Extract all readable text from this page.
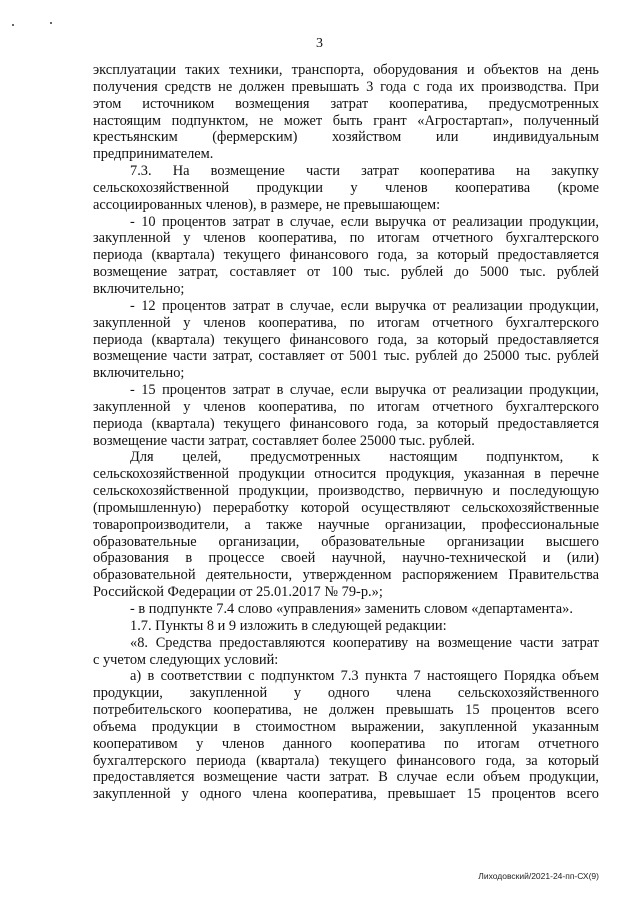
3
эксплуатации таких техники, транспорта, оборудования и объектов на день
получения средств не должен превышать 3 года с года их производства. При
этом источником возмещения затрат кооператива, предусмотренных
настоящим подпунктом, не может быть грант «Агростартап», полученный
крестьянским (фермерским) хозяйством или индивидуальным
предпринимателем.
7.3. На возмещение части затрат кооператива на закупку
сельскохозяйственной продукции у членов кооператива (кроме
ассоциированных членов), в размере, не превышающем:
- 10 процентов затрат в случае, если выручка от реализации продукции,
закупленной у членов кооператива, по итогам отчетного бухгалтерского
периода (квартала) текущего финансового года, за который предоставляется
возмещение затрат, составляет от 100 тыс. рублей до 5000 тыс. рублей
включительно;
- 12 процентов затрат в случае, если выручка от реализации продукции,
закупленной у членов кооператива, по итогам отчетного бухгалтерского
периода (квартала) текущего финансового года, за который предоставляется
возмещение части затрат, составляет от 5001 тыс. рублей до 25000 тыс. рублей
включительно;
- 15 процентов затрат в случае, если выручка от реализации продукции,
закупленной у членов кооператива, по итогам отчетного бухгалтерского
периода (квартала) текущего финансового года, за который предоставляется
возмещение части затрат, составляет более 25000 тыс. рублей.
Для целей, предусмотренных настоящим подпунктом, к
сельскохозяйственной продукции относится продукция, указанная в перечне
сельскохозяйственной продукции, производство, первичную и последующую
(промышленную) переработку которой осуществляют сельскохозяйственные
товаропроизводители, а также научные организации, профессиональные
образовательные организации, образовательные организации высшего
образования в процессе своей научной, научно-технической и (или)
образовательной деятельности, утвержденном распоряжением Правительства
Российской Федерации от 25.01.2017 № 79-р.»;
- в подпункте 7.4 слово «управления» заменить словом «департамента».
1.7. Пункты 8 и 9 изложить в следующей редакции:
«8. Средства предоставляются кооперативу на возмещение части затрат
с учетом следующих условий:
а) в соответствии с подпунктом 7.3 пункта 7 настоящего Порядка объем
продукции, закупленной у одного члена сельскохозяйственного
потребительского кооператива, не должен превышать 15 процентов всего
объема продукции в стоимостном выражении, закупленной указанным
кооперативом у членов данного кооператива по итогам отчетного
бухгалтерского периода (квартала) текущего финансового года, за который
предоставляется возмещение части затрат. В случае если объем продукции,
закупленной у одного члена кооператива, превышает 15 процентов всего
Лиходовский/2021-24-пп-СХ(9)
